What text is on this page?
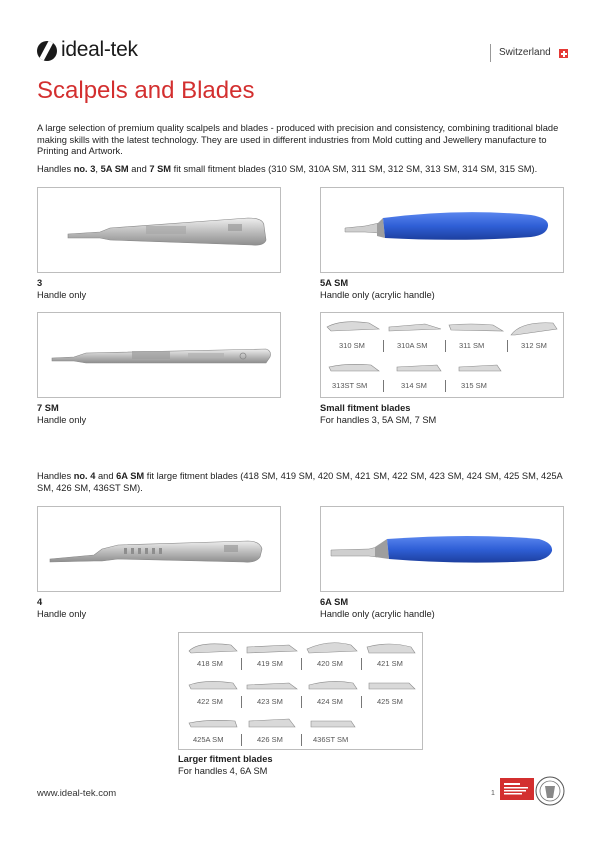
ideal-tek	Switzerland
Scalpels and Blades

A large selection of premium quality scalpels and blades - produced with precision and consistency, combining traditional blade making skills with the latest technology. They are used in different industries from Mold cutting and Jewellery manufacture to Printing and Artwork.

Handles no. 3, 5A SM and 7 SM fit small fitment blades (310 SM, 310A SM, 311 SM, 312 SM, 313 SM, 314 SM, 315 SM).

3
Handle only
5A SM
Handle only (acrylic handle)
7 SM
Handle only
310 SM	310A SM	311 SM	312 SM
313ST SM	314 SM	315 SM
Small fitment blades
For handles 3, 5A SM, 7 SM

Handles no. 4 and 6A SM fit large fitment blades (418 SM, 419 SM, 420 SM, 421 SM, 422 SM, 423 SM, 424 SM, 425 SM, 425A SM, 426 SM, 436ST SM).

4
Handle only
6A SM
Handle only (acrylic handle)
418 SM	419 SM	420 SM	421 SM
422 SM	423 SM	424 SM	425 SM
425A SM	426 SM	436ST SM
Larger fitment blades
For handles 4, 6A SM
www.ideal-tek.com	1
